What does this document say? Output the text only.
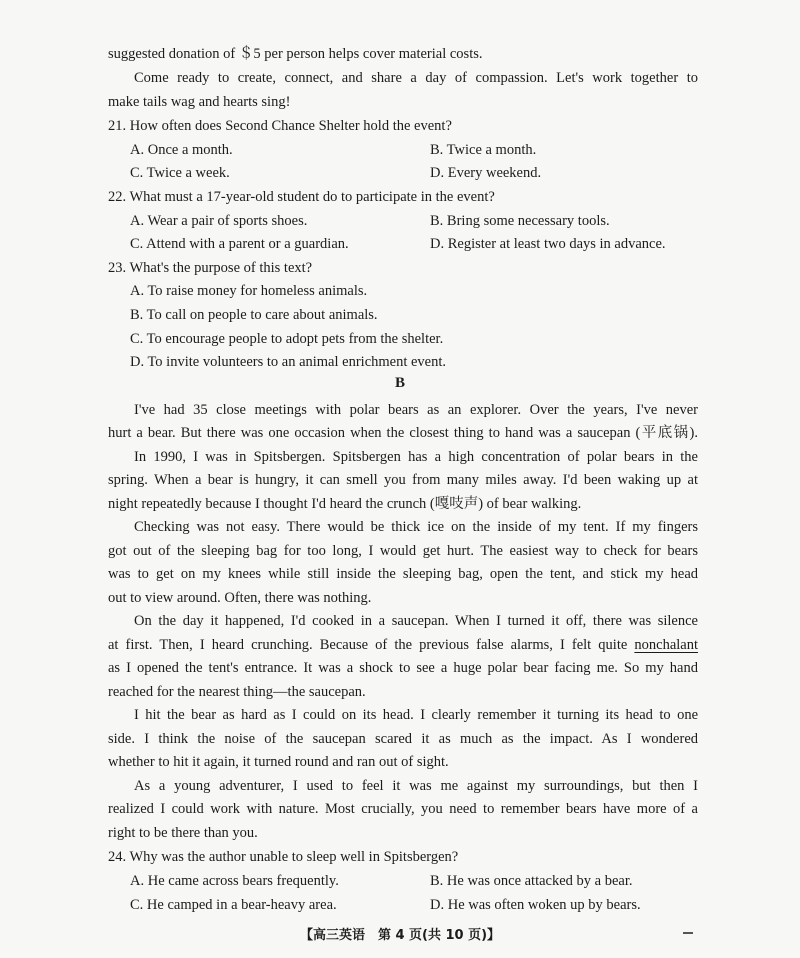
suggested donation of ＄5 per person helps cover material costs.
Come ready to create, connect, and share a day of compassion. Let's work together to
make tails wag and hearts sing!
21. How often does Second Chance Shelter hold the event?
A. Once a month.	B. Twice a month.
C. Twice a week.	D. Every weekend.
22. What must a 17-year-old student do to participate in the event?
A. Wear a pair of sports shoes.	B. Bring some necessary tools.
C. Attend with a parent or a guardian.	D. Register at least two days in advance.
23. What's the purpose of this text?
A. To raise money for homeless animals.
B. To call on people to care about animals.
C. To encourage people to adopt pets from the shelter.
D. To invite volunteers to an animal enrichment event.
B
I've had 35 close meetings with polar bears as an explorer. Over the years, I've never
hurt a bear. But there was one occasion when the closest thing to hand was a saucepan (平底锅).
In 1990, I was in Spitsbergen. Spitsbergen has a high concentration of polar bears in the
spring. When a bear is hungry, it can smell you from many miles away. I'd been waking up at
night repeatedly because I thought I'd heard the crunch (嘎吱声) of bear walking.
Checking was not easy. There would be thick ice on the inside of my tent. If my fingers
got out of the sleeping bag for too long, I would get hurt. The easiest way to check for bears
was to get on my knees while still inside the sleeping bag, open the tent, and stick my head
out to view around. Often, there was nothing.
On the day it happened, I'd cooked in a saucepan. When I turned it off, there was silence
at first. Then, I heard crunching. Because of the previous false alarms, I felt quite nonchalant
as I opened the tent's entrance. It was a shock to see a huge polar bear facing me. So my hand
reached for the nearest thing—the saucepan.
I hit the bear as hard as I could on its head. I clearly remember it turning its head to one
side. I think the noise of the saucepan scared it as much as the impact. As I wondered
whether to hit it again, it turned round and ran out of sight.
As a young adventurer, I used to feel it was me against my surroundings, but then I
realized I could work with nature. Most crucially, you need to remember bears have more of a
right to be there than you.
24. Why was the author unable to sleep well in Spitsbergen?
A. He came across bears frequently.	B. He was once attacked by a bear.
C. He camped in a bear-heavy area.	D. He was often woken up by bears.
【高三英语　第 4 页(共 10 页)】
